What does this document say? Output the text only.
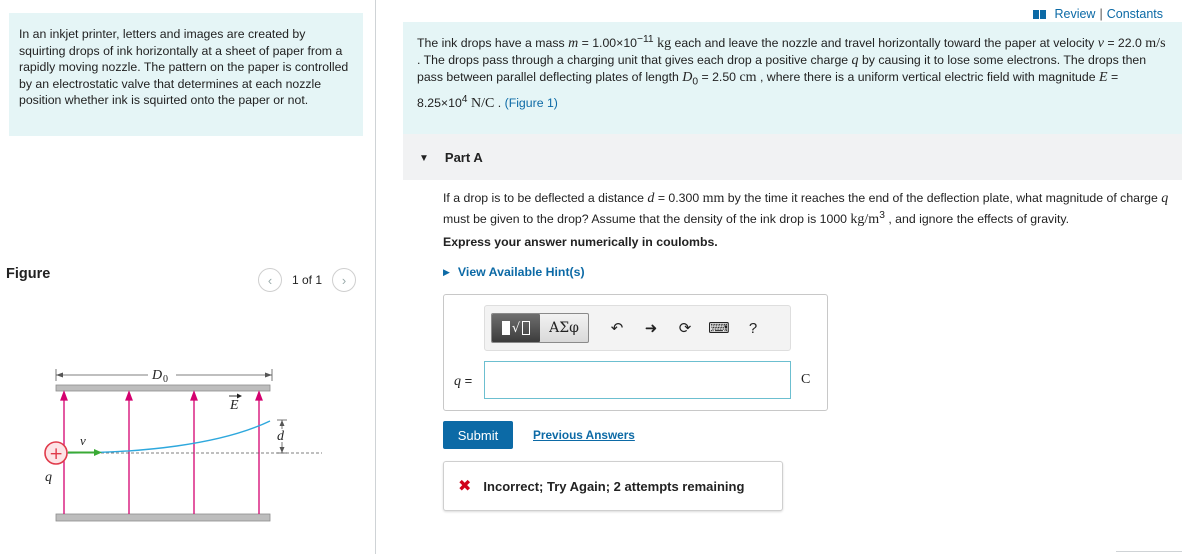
In an inkjet printer, letters and images are created by squirting drops of ink horizontally at a sheet of paper from a rapidly moving nozzle. The pattern on the paper is controlled by an electrostatic valve that determines at each nozzle position whether ink is squirted onto the paper or not.
Figure	‹ 1 of 1 ›
D 0
E
d
v
+
q
Review | Constants
The ink drops have a mass $m = 1.00\times 10^{-11}$ kg each and leave the nozzle and travel horizontally toward the paper at velocity v = 22.0 m/s . The drops pass through a charging unit that gives each drop a positive charge q by causing it to lose some electrons. The drops then pass between parallel deflecting plates of length $D_0 = 2.50$ cm , where there is a uniform vertical electric field with magnitude $E = 8.25\times 10^4$ N/C . (Figure 1)
▼ Part A
If a drop is to be deflected a distance d = 0.300 mm by the time it reaches the end of the deflection plate, what magnitude of charge q must be given to the drop? Assume that the density of the ink drop is 1000 $kg/m^3$ , and ignore the effects of gravity.
Express your answer numerically in coulombs.
▶ View Available Hint(s)
√	ΑΣφ	↶	➜	⟳	⌨	?
q =	C
Submit	Previous Answers
✖ Incorrect; Try Again; 2 attempts remaining
